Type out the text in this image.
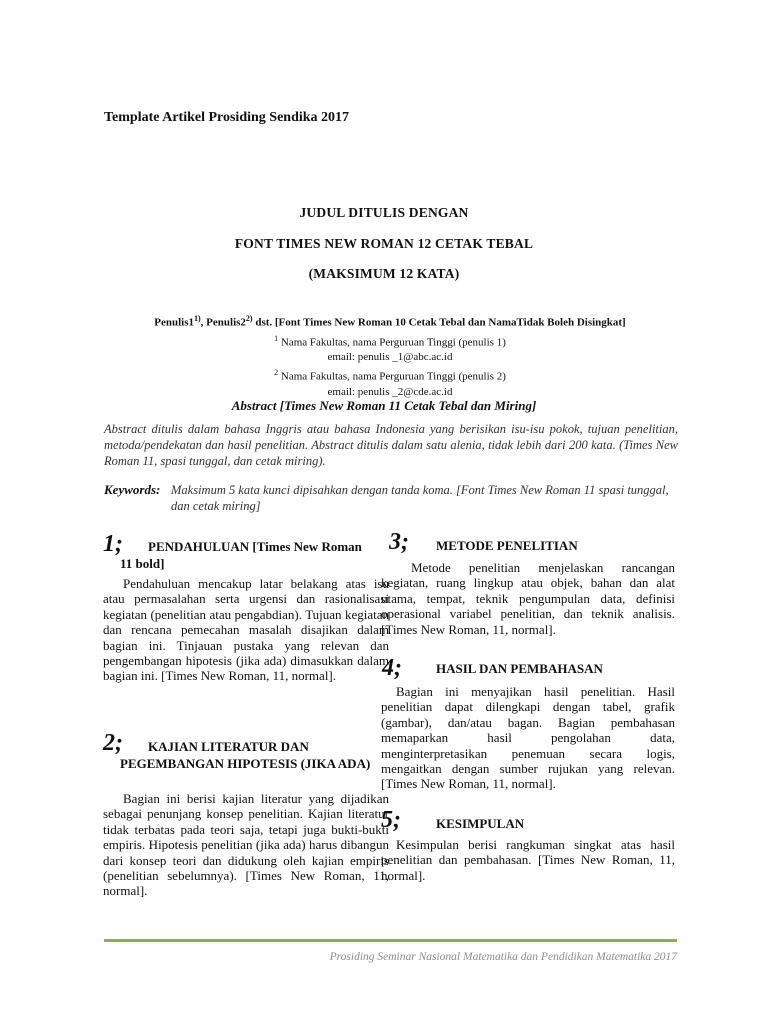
Template Artikel Prosiding Sendika 2017
JUDUL DITULIS DENGAN
FONT TIMES NEW ROMAN 12 CETAK TEBAL
(MAKSIMUM 12 KATA)
Penulis1$^{1)}$, Penulis2$^{2)}$ dst. [Font Times New Roman 10 Cetak Tebal dan NamaTidak Boleh Disingkat]
$^1$ Nama Fakultas, nama Perguruan Tinggi (penulis 1)
email: penulis _1@abc.ac.id
$^2$ Nama Fakultas, nama Perguruan Tinggi (penulis 2)
email: penulis _2@cde.ac.id
Abstract [Times New Roman 11 Cetak Tebal dan Miring]
Abstract ditulis dalam bahasa Inggris atau bahasa Indonesia yang berisikan isu-isu pokok, tujuan penelitian, metoda/pendekatan dan hasil penelitian. Abstract ditulis dalam satu alenia, tidak lebih dari 200 kata. (Times New Roman 11, spasi tunggal, dan cetak miring).
Keywords: Maksimum 5 kata kunci dipisahkan dengan tanda koma. [Font Times New Roman 11 spasi tunggal, dan cetak miring]
1; PENDAHULUAN [Times New Roman
11 bold]
Pendahuluan mencakup latar belakang atas isu atau permasalahan serta urgensi dan rasionalisasi kegiatan (penelitian atau pengabdian). Tujuan kegiatan dan rencana pemecahan masalah disajikan dalam bagian ini. Tinjauan pustaka yang relevan dan pengembangan hipotesis (jika ada) dimasukkan dalam bagian ini. [Times New Roman, 11, normal].
2; KAJIAN LITERATUR DAN
PEGEMBANGAN HIPOTESIS (JIKA ADA)
Bagian ini berisi kajian literatur yang dijadikan sebagai penunjang konsep penelitian. Kajian literatur tidak terbatas pada teori saja, tetapi juga bukti-bukti empiris. Hipotesis penelitian (jika ada) harus dibangun dari konsep teori dan didukung oleh kajian empiris (penelitian sebelumnya). [Times New Roman, 11, normal].
3; METODE PENELITIAN
Metode penelitian menjelaskan rancangan kegiatan, ruang lingkup atau objek, bahan dan alat utama, tempat, teknik pengumpulan data, definisi operasional variabel penelitian, dan teknik analisis. [Times New Roman, 11, normal].
4;	HASIL DAN PEMBAHASAN
Bagian ini menyajikan hasil penelitian. Hasil penelitian dapat dilengkapi dengan tabel, grafik (gambar), dan/atau bagan. Bagian pembahasan memaparkan hasil pengolahan data, menginterpretasikan penemuan secara logis, mengaitkan dengan sumber rujukan yang relevan. [Times New Roman, 11, normal].
5;	KESIMPULAN
Kesimpulan berisi rangkuman singkat atas hasil penelitian dan pembahasan. [Times New Roman, 11, normal].
Prosiding Seminar Nasional Matematika dan Pendidikan Matematika 2017
